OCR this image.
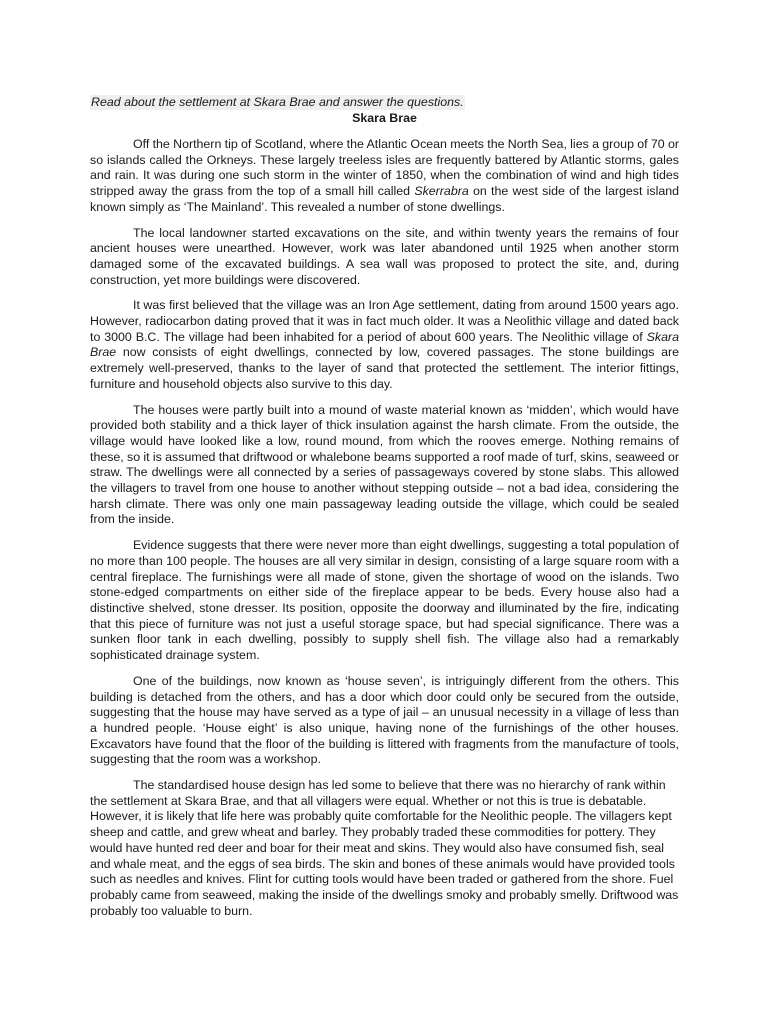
Read about the settlement at Skara Brae and answer the questions.
Skara Brae

Off the Northern tip of Scotland, where the Atlantic Ocean meets the North Sea, lies a group of 70 or so islands called the Orkneys. These largely treeless isles are frequently battered by Atlantic storms, gales and rain. It was during one such storm in the winter of 1850, when the combination of wind and high tides stripped away the grass from the top of a small hill called Skerrabra on the west side of the largest island known simply as ‘The Mainland’. This revealed a number of stone dwellings.

The local landowner started excavations on the site, and within twenty years the remains of four ancient houses were unearthed. However, work was later abandoned until 1925 when another storm damaged some of the excavated buildings. A sea wall was proposed to protect the site, and, during construction, yet more buildings were discovered.

It was first believed that the village was an Iron Age settlement, dating from around 1500 years ago. However, radiocarbon dating proved that it was in fact much older. It was a Neolithic village and dated back to 3000 B.C. The village had been inhabited for a period of about 600 years. The Neolithic village of Skara Brae now consists of eight dwellings, connected by low, covered passages. The stone buildings are extremely well-preserved, thanks to the layer of sand that protected the settlement. The interior fittings, furniture and household objects also survive to this day.

The houses were partly built into a mound of waste material known as ‘midden’, which would have provided both stability and a thick layer of thick insulation against the harsh climate. From the outside, the village would have looked like a low, round mound, from which the rooves emerge. Nothing remains of these, so it is assumed that driftwood or whalebone beams supported a roof made of turf, skins, seaweed or straw. The dwellings were all connected by a series of passageways covered by stone slabs. This allowed the villagers to travel from one house to another without stepping outside – not a bad idea, considering the harsh climate. There was only one main passageway leading outside the village, which could be sealed from the inside.

Evidence suggests that there were never more than eight dwellings, suggesting a total population of no more than 100 people. The houses are all very similar in design, consisting of a large square room with a central fireplace. The furnishings were all made of stone, given the shortage of wood on the islands. Two stone-edged compartments on either side of the fireplace appear to be beds. Every house also had a distinctive shelved, stone dresser. Its position, opposite the doorway and illuminated by the fire, indicating that this piece of furniture was not just a useful storage space, but had special significance. There was a sunken floor tank in each dwelling, possibly to supply shell fish. The village also had a remarkably sophisticated drainage system.

One of the buildings, now known as ‘house seven’, is intriguingly different from the others. This building is detached from the others, and has a door which door could only be secured from the outside, suggesting that the house may have served as a type of jail – an unusual necessity in a village of less than a hundred people. ‘House eight’ is also unique, having none of the furnishings of the other houses. Excavators have found that the floor of the building is littered with fragments from the manufacture of tools, suggesting that the room was a workshop.

The standardised house design has led some to believe that there was no hierarchy of rank within the settlement at Skara Brae, and that all villagers were equal. Whether or not this is true is debatable. However, it is likely that life here was probably quite comfortable for the Neolithic people. The villagers kept sheep and cattle, and grew wheat and barley. They probably traded these commodities for pottery. They would have hunted red deer and boar for their meat and skins. They would also have consumed fish, seal and whale meat, and the eggs of sea birds. The skin and bones of these animals would have provided tools such as needles and knives. Flint for cutting tools would have been traded or gathered from the shore. Fuel probably came from seaweed, making the inside of the dwellings smoky and probably smelly. Driftwood was probably too valuable to burn.
